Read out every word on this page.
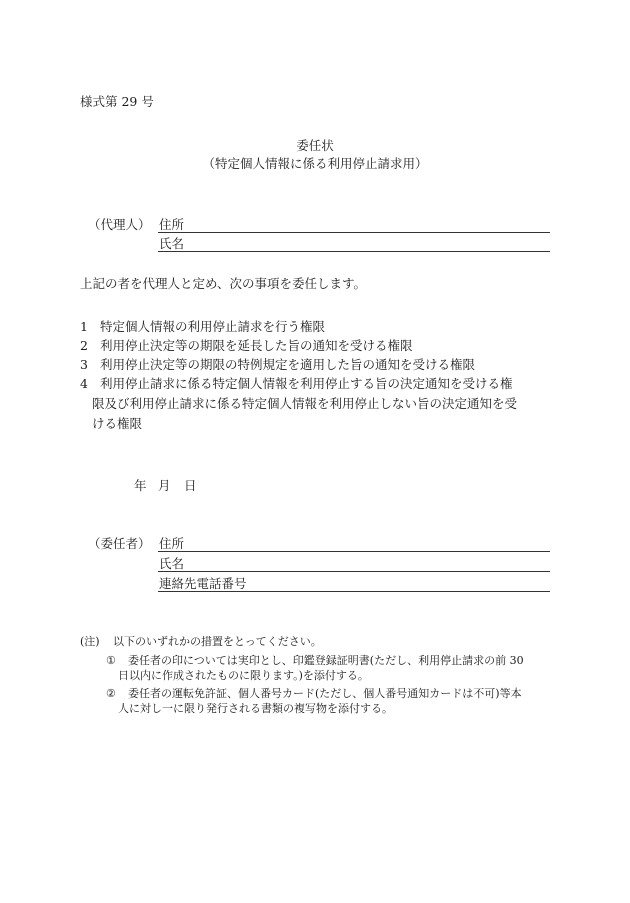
様式第 29 号
委任状
（特定個人情報に係る利用停止請求用）
（代理人） 住所
氏名
上記の者を代理人と定め、次の事項を委任します。
1 特定個人情報の利用停止請求を行う権限
2 利用停止決定等の期限を延長した旨の通知を受ける権限
3 利用停止決定等の期限の特例規定を適用した旨の通知を受ける権限
4 利用停止請求に係る特定個人情報を利用停止する旨の決定通知を受ける権
限及び利用停止請求に係る特定個人情報を利用停止しない旨の決定通知を受
ける権限
年 月 日
（委任者） 住所
氏名
連絡先電話番号
(注) 以下のいずれかの措置をとってください。
① 委任者の印については実印とし、印鑑登録証明書(ただし、利用停止請求の前 30
日以内に作成されたものに限ります。)を添付する。
② 委任者の運転免許証、個人番号カード(ただし、個人番号通知カードは不可)等本
人に対し一に限り発行される書類の複写物を添付する。
